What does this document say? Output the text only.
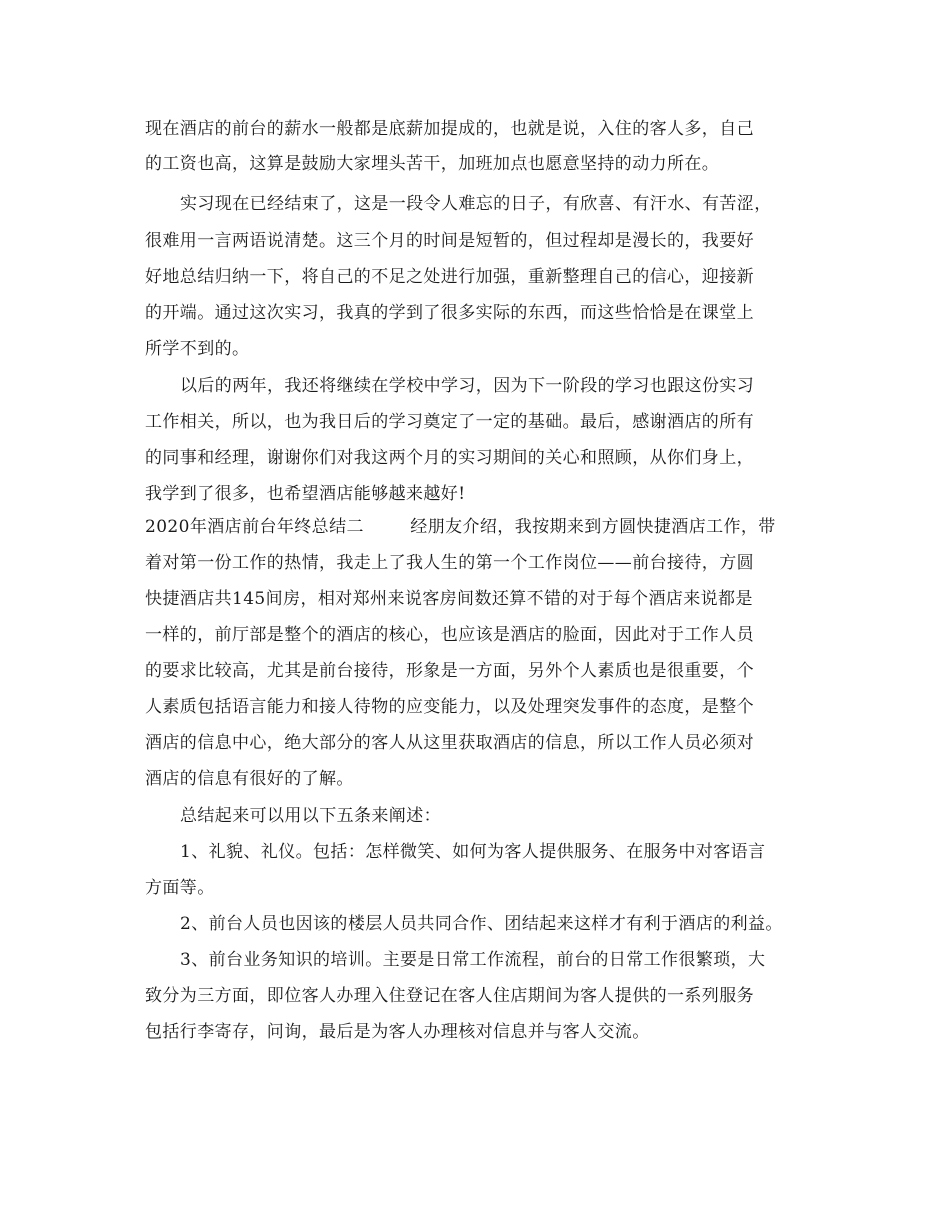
现在酒店的前台的薪水一般都是底薪加提成的，也就是说，入住的客人多，自己
的工资也高，这算是鼓励大家埋头苦干，加班加点也愿意坚持的动力所在。
实习现在已经结束了，这是一段令人难忘的日子，有欣喜、有汗水、有苦涩，
很难用一言两语说清楚。这三个月的时间是短暂的，但过程却是漫长的，我要好
好地总结归纳一下，将自己的不足之处进行加强，重新整理自己的信心，迎接新
的开端。通过这次实习，我真的学到了很多实际的东西，而这些恰恰是在课堂上
所学不到的。
以后的两年，我还将继续在学校中学习，因为下一阶段的学习也跟这份实习
工作相关，所以，也为我日后的学习奠定了一定的基础。最后，感谢酒店的所有
的同事和经理，谢谢你们对我这两个月的实习期间的关心和照顾，从你们身上，
我学到了很多，也希望酒店能够越来越好!
2020年酒店前台年终总结二        经朋友介绍，我按期来到方圆快捷酒店工作，带
着对第一份工作的热情，我走上了我人生的第一个工作岗位——前台接待，方圆
快捷酒店共145间房，相对郑州来说客房间数还算不错的对于每个酒店来说都是
一样的，前厅部是整个的酒店的核心，也应该是酒店的脸面，因此对于工作人员
的要求比较高，尤其是前台接待，形象是一方面，另外个人素质也是很重要，个
人素质包括语言能力和接人待物的应变能力，以及处理突发事件的态度，是整个
酒店的信息中心，绝大部分的客人从这里获取酒店的信息，所以工作人员必须对
酒店的信息有很好的了解。
总结起来可以用以下五条来阐述：
1、礼貌、礼仪。包括：怎样微笑、如何为客人提供服务、在服务中对客语言
方面等。
2、前台人员也因该的楼层人员共同合作、团结起来这样才有利于酒店的利益。
3、前台业务知识的培训。主要是日常工作流程，前台的日常工作很繁琐，大
致分为三方面，即位客人办理入住登记在客人住店期间为客人提供的一系列服务
包括行李寄存，问询，最后是为客人办理核对信息并与客人交流。
